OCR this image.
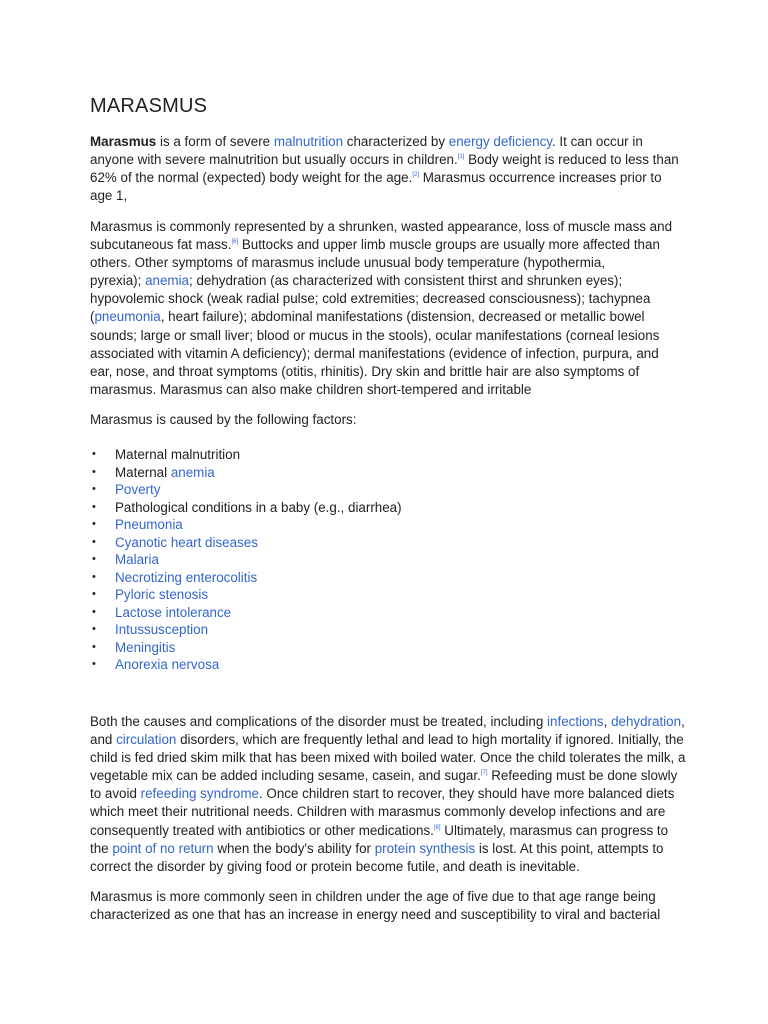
MARASMUS
Marasmus is a form of severe malnutrition characterized by energy deficiency. It can occur in
anyone with severe malnutrition but usually occurs in children.[1] Body weight is reduced to less than
62% of the normal (expected) body weight for the age.[2] Marasmus occurrence increases prior to
age 1,
Marasmus is commonly represented by a shrunken, wasted appearance, loss of muscle mass and
subcutaneous fat mass.[6] Buttocks and upper limb muscle groups are usually more affected than
others. Other symptoms of marasmus include unusual body temperature (hypothermia,
pyrexia); anemia; dehydration (as characterized with consistent thirst and shrunken eyes);
hypovolemic shock (weak radial pulse; cold extremities; decreased consciousness); tachypnea
(pneumonia, heart failure); abdominal manifestations (distension, decreased or metallic bowel
sounds; large or small liver; blood or mucus in the stools), ocular manifestations (corneal lesions
associated with vitamin A deficiency); dermal manifestations (evidence of infection, purpura, and
ear, nose, and throat symptoms (otitis, rhinitis). Dry skin and brittle hair are also symptoms of
marasmus. Marasmus can also make children short-tempered and irritable
Marasmus is caused by the following factors:
• Maternal malnutrition
• Maternal anemia
• Poverty
• Pathological conditions in a baby (e.g., diarrhea)
• Pneumonia
• Cyanotic heart diseases
• Malaria
• Necrotizing enterocolitis
• Pyloric stenosis
• Lactose intolerance
• Intussusception
• Meningitis
• Anorexia nervosa
Both the causes and complications of the disorder must be treated, including infections, dehydration,
and circulation disorders, which are frequently lethal and lead to high mortality if ignored. Initially, the
child is fed dried skim milk that has been mixed with boiled water. Once the child tolerates the milk, a
vegetable mix can be added including sesame, casein, and sugar.[7] Refeeding must be done slowly
to avoid refeeding syndrome. Once children start to recover, they should have more balanced diets
which meet their nutritional needs. Children with marasmus commonly develop infections and are
consequently treated with antibiotics or other medications.[8] Ultimately, marasmus can progress to
the point of no return when the body's ability for protein synthesis is lost. At this point, attempts to
correct the disorder by giving food or protein become futile, and death is inevitable.
Marasmus is more commonly seen in children under the age of five due to that age range being
characterized as one that has an increase in energy need and susceptibility to viral and bacterial
